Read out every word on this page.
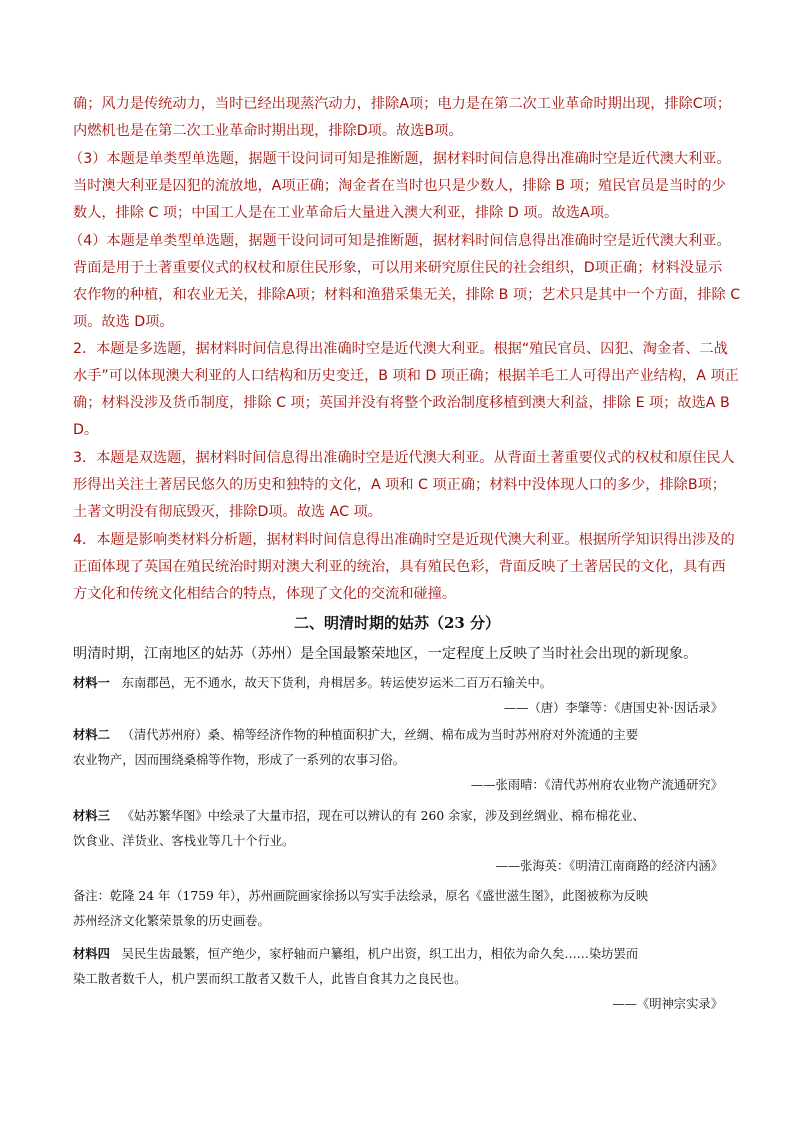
确；风力是传统动力，当时已经出现蒸汽动力，排除A项；电力是在第二次工业革命时期出现，排除C项；

内燃机也是在第二次工业革命时期出现，排除D项。故选B项。

（3）本题是单类型单选题，据题干设问词可知是推断题，据材料时间信息得出准确时空是近代澳大利亚。

当时澳大利亚是囚犯的流放地，A项正确；淘金者在当时也只是少数人，排除 B 项；殖民官员是当时的少

数人，排除 C 项；中国工人是在工业革命后大量进入澳大利亚，排除 D 项。故选A项。

（4）本题是单类型单选题，据题干设问词可知是推断题，据材料时间信息得出准确时空是近代澳大利亚。

背面是用于土著重要仪式的权杖和原住民形象，可以用来研究原住民的社会组织，D项正确；材料没显示

农作物的种植，和农业无关，排除A项；材料和渔猎采集无关，排除 B 项；艺术只是其中一个方面，排除 C

项。故选 D项。

2．本题是多选题，据材料时间信息得出准确时空是近代澳大利亚。根据“殖民官员、囚犯、淘金者、二战

水手”可以体现澳大利亚的人口结构和历史变迁，B 项和 D 项正确；根据羊毛工人可得出产业结构，A 项正

确；材料没涉及货币制度，排除 C 项；英国并没有将整个政治制度移植到澳大利益，排除 E 项；故选A B

D。

3．本题是双选题，据材料时间信息得出准确时空是近代澳大利亚。从背面土著重要仪式的权杖和原住民人

形得出关注土著居民悠久的历史和独特的文化，A 项和 C 项正确；材料中没体现人口的多少，排除B项；

土著文明没有彻底毁灭，排除D项。故选 AC 项。

4．本题是影响类材料分析题，据材料时间信息得出准确时空是近现代澳大利亚。根据所学知识得出涉及的

正面体现了英国在殖民统治时期对澳大利亚的统治，具有殖民色彩，背面反映了土著居民的文化，具有西

方文化和传统文化相结合的特点，体现了文化的交流和碰撞。

二、明清时期的姑苏（23 分）
明清时期，江南地区的姑苏（苏州）是全国最繁荣地区，一定程度上反映了当时社会出现的新现象。

材料一 东南郡邑，无不通水，故天下货利，舟楫居多。转运使岁运米二百万石输关中。

——（唐）李肇等：《唐国史补·因话录》

材料二 （清代苏州府）桑、棉等经济作物的种植面积扩大，丝绸、棉布成为当时苏州府对外流通的主要

农业物产，因而围绕桑棉等作物，形成了一系列的农事习俗。

——张雨晴：《清代苏州府农业物产流通研究》

材料三 《姑苏繁华图》中绘录了大量市招，现在可以辨认的有 260 余家，涉及到丝绸业、棉布棉花业、

饮食业、洋货业、客栈业等几十个行业。

——张海英：《明清江南商路的经济内涵》

备注：乾隆 24 年（1759 年），苏州画院画家徐扬以写实手法绘录，原名《盛世滋生图》，此图被称为反映

苏州经济文化繁荣景象的历史画卷。

材料四 吴民生齿最繁，恒产绝少，家杼轴而户纂组，机户出资，织工出力，相依为命久矣……染坊罢而

染工散者数千人，机户罢而织工散者又数千人，此皆自食其力之良民也。

——《明神宗实录》
